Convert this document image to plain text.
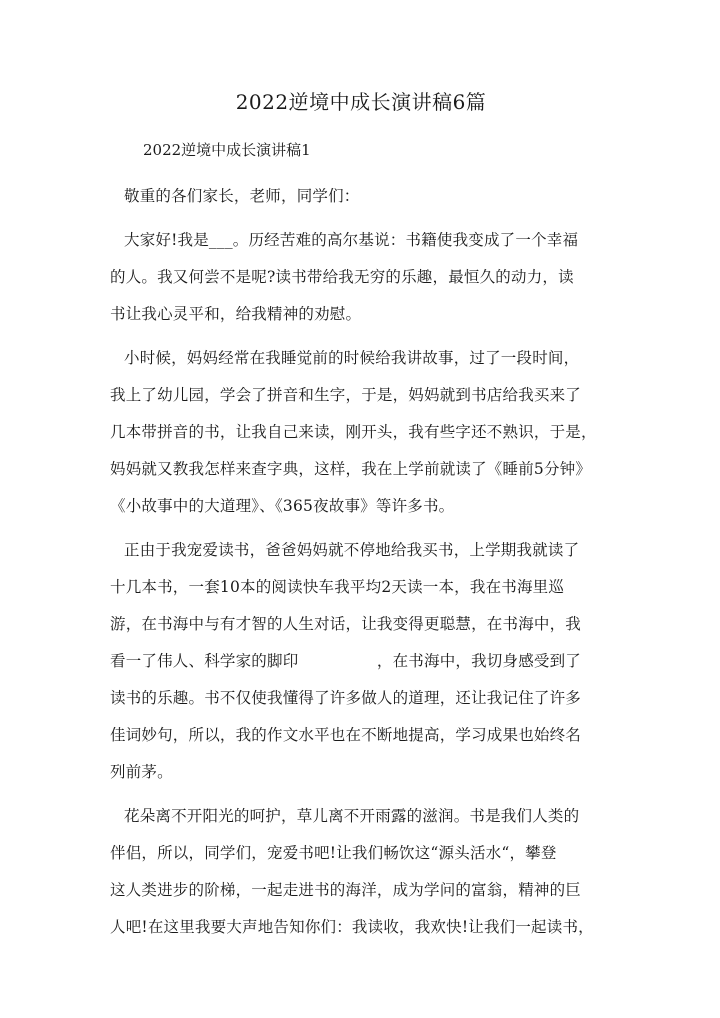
2022逆境中成长演讲稿6篇
2022逆境中成长演讲稿1
敬重的各们家长，老师，同学们：
大家好!我是___。历经苦难的高尔基说：书籍使我变成了一个幸福
的人。我又何尝不是呢?读书带给我无穷的乐趣，最恒久的动力，读
书让我心灵平和，给我精神的劝慰。
小时候，妈妈经常在我睡觉前的时候给我讲故事，过了一段时间，
我上了幼儿园，学会了拼音和生字，于是，妈妈就到书店给我买来了
几本带拼音的书，让我自己来读，刚开头，我有些字还不熟识，于是，
妈妈就又教我怎样来查字典，这样，我在上学前就读了《睡前5分钟》
《小故事中的大道理》、《365夜故事》等许多书。
正由于我宠爱读书，爸爸妈妈就不停地给我买书，上学期我就读了
十几本书，一套10本的阅读快车我平均2天读一本，我在书海里巡
游，在书海中与有才智的人生对话，让我变得更聪慧，在书海中，我
看一了伟人、科学家的脚印　　　　　，在书海中，我切身感受到了
读书的乐趣。书不仅使我懂得了许多做人的道理，还让我记住了许多
佳词妙句，所以，我的作文水平也在不断地提高，学习成果也始终名
列前茅。
花朵离不开阳光的呵护，草儿离不开雨露的滋润。书是我们人类的
伴侣，所以，同学们，宠爱书吧!让我们畅饮这“源头活水“，攀登
这人类进步的阶梯，一起走进书的海洋，成为学问的富翁，精神的巨
人吧!在这里我要大声地告知你们：我读收，我欢快!让我们一起读书，
